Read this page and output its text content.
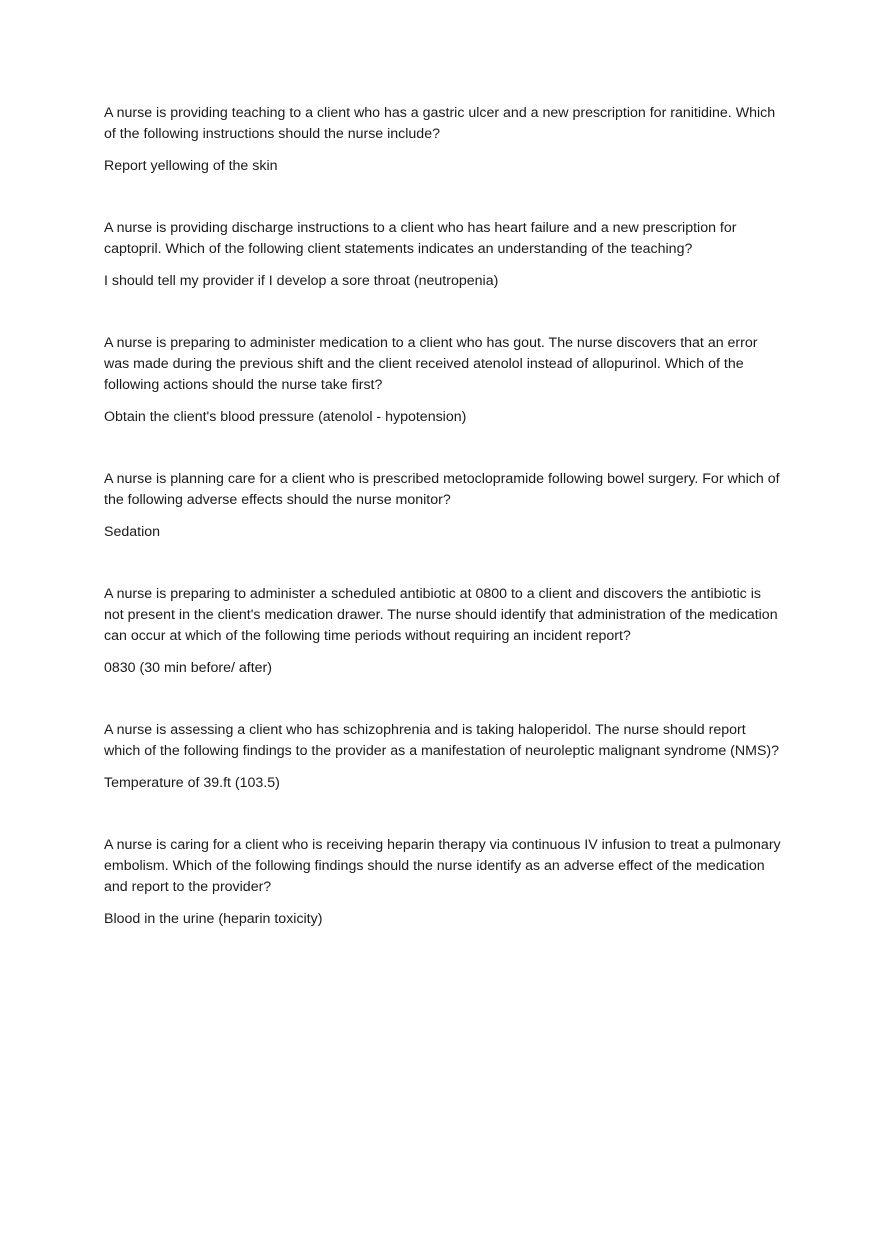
A nurse is providing teaching to a client who has a gastric ulcer and a new prescription for ranitidine. Which of the following instructions should the nurse include?

Report yellowing of the skin

A nurse is providing discharge instructions to a client who has heart failure and a new prescription for captopril. Which of the following client statements indicates an understanding of the teaching?

I should tell my provider if I develop a sore throat (neutropenia)

A nurse is preparing to administer medication to a client who has gout. The nurse discovers that an error was made during the previous shift and the client received atenolol instead of allopurinol. Which of the following actions should the nurse take first?

Obtain the client's blood pressure (atenolol - hypotension)

A nurse is planning care for a client who is prescribed metoclopramide following bowel surgery. For which of the following adverse effects should the nurse monitor?

Sedation

A nurse is preparing to administer a scheduled antibiotic at 0800 to a client and discovers the antibiotic is not present in the client's medication drawer. The nurse should identify that administration of the medication can occur at which of the following time periods without requiring an incident report?

0830 (30 min before/ after)

A nurse is assessing a client who has schizophrenia and is taking haloperidol. The nurse should report which of the following findings to the provider as a manifestation of neuroleptic malignant syndrome (NMS)?

Temperature of 39.ft (103.5)

A nurse is caring for a client who is receiving heparin therapy via continuous IV infusion to treat a pulmonary embolism. Which of the following findings should the nurse identify as an adverse effect of the medication and report to the provider?

Blood in the urine (heparin toxicity)
